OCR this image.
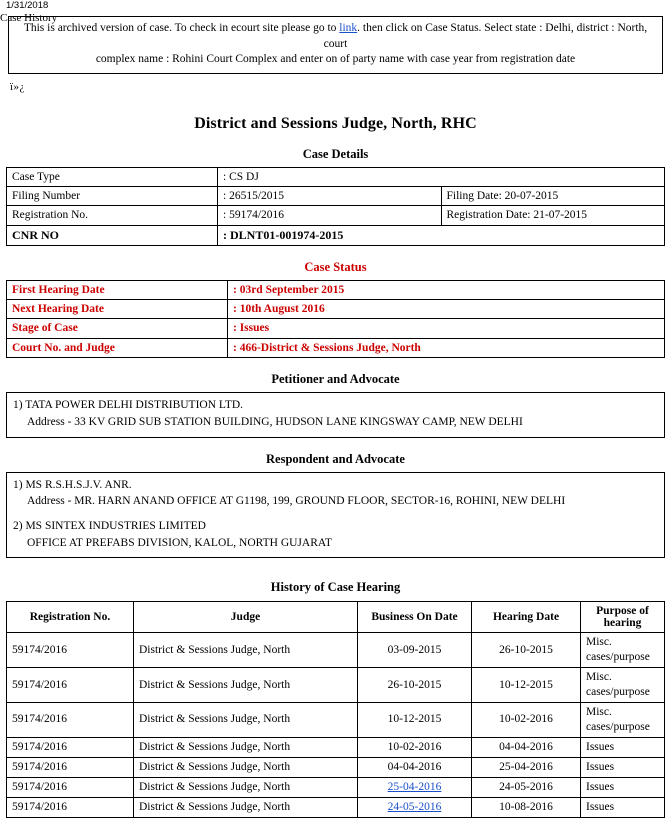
1/31/2018
Case History
This is archived version of case. To check in ecourt site please go to link. then click on Case Status. Select state : Delhi, district : North, court
complex name : Rohini Court Complex and enter on of party name with case year from registration date
ï»¿
District and Sessions Judge, North, RHC
Case Details
Case Type	: CS DJ	
Filing Number	: 26515/2015	Filing Date: 20-07-2015
Registration No.	: 59174/2016	Registration Date: 21-07-2015
CNR NO	: DLNT01-001974-2015	
Case Status
First Hearing Date	: 03rd September 2015
Next Hearing Date	: 10th August 2016
Stage of Case	: Issues
Court No. and Judge	: 466-District & Sessions Judge, North
Petitioner and Advocate
1) TATA POWER DELHI DISTRIBUTION LTD.
Address - 33 KV GRID SUB STATION BUILDING, HUDSON LANE KINGSWAY CAMP, NEW DELHI
Respondent and Advocate
1) MS R.S.H.S.J.V. ANR.
Address - MR. HARN ANAND OFFICE AT G1198, 199, GROUND FLOOR, SECTOR-16, ROHINI, NEW DELHI
2) MS SINTEX INDUSTRIES LIMITED
OFFICE AT PREFABS DIVISION, KALOL, NORTH GUJARAT
History of Case Hearing
Registration No.	Judge	Business On Date	Hearing Date	Purpose of hearing
59174/2016	District & Sessions Judge, North	03-09-2015	26-10-2015	Misc. cases/purpose
59174/2016	District & Sessions Judge, North	26-10-2015	10-12-2015	Misc. cases/purpose
59174/2016	District & Sessions Judge, North	10-12-2015	10-02-2016	Misc. cases/purpose
59174/2016	District & Sessions Judge, North	10-02-2016	04-04-2016	Issues
59174/2016	District & Sessions Judge, North	04-04-2016	25-04-2016	Issues
59174/2016	District & Sessions Judge, North	25-04-2016	24-05-2016	Issues
59174/2016	District & Sessions Judge, North	24-05-2016	10-08-2016	Issues
